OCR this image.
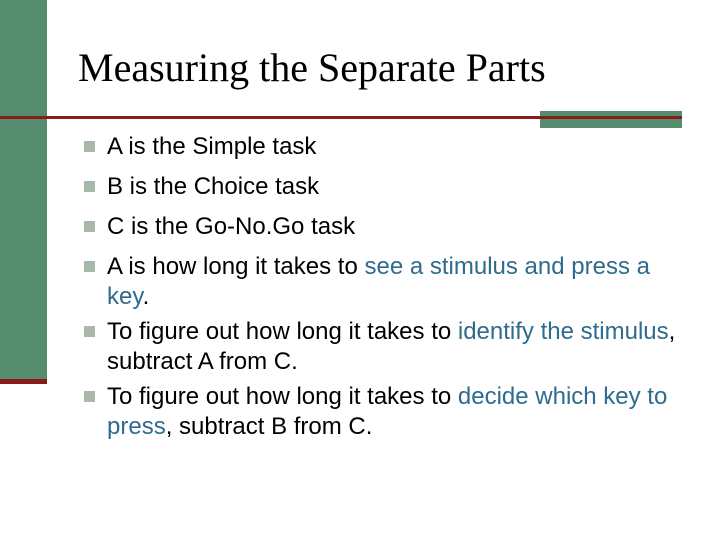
Measuring the Separate Parts
A is the Simple task
B is the Choice task
C is the Go-No.Go task
A is how long it takes to see a stimulus and press a key.
To figure out how long it takes to identify the stimulus, subtract A from C.
To figure out how long it takes to decide which key to press, subtract B from C.
